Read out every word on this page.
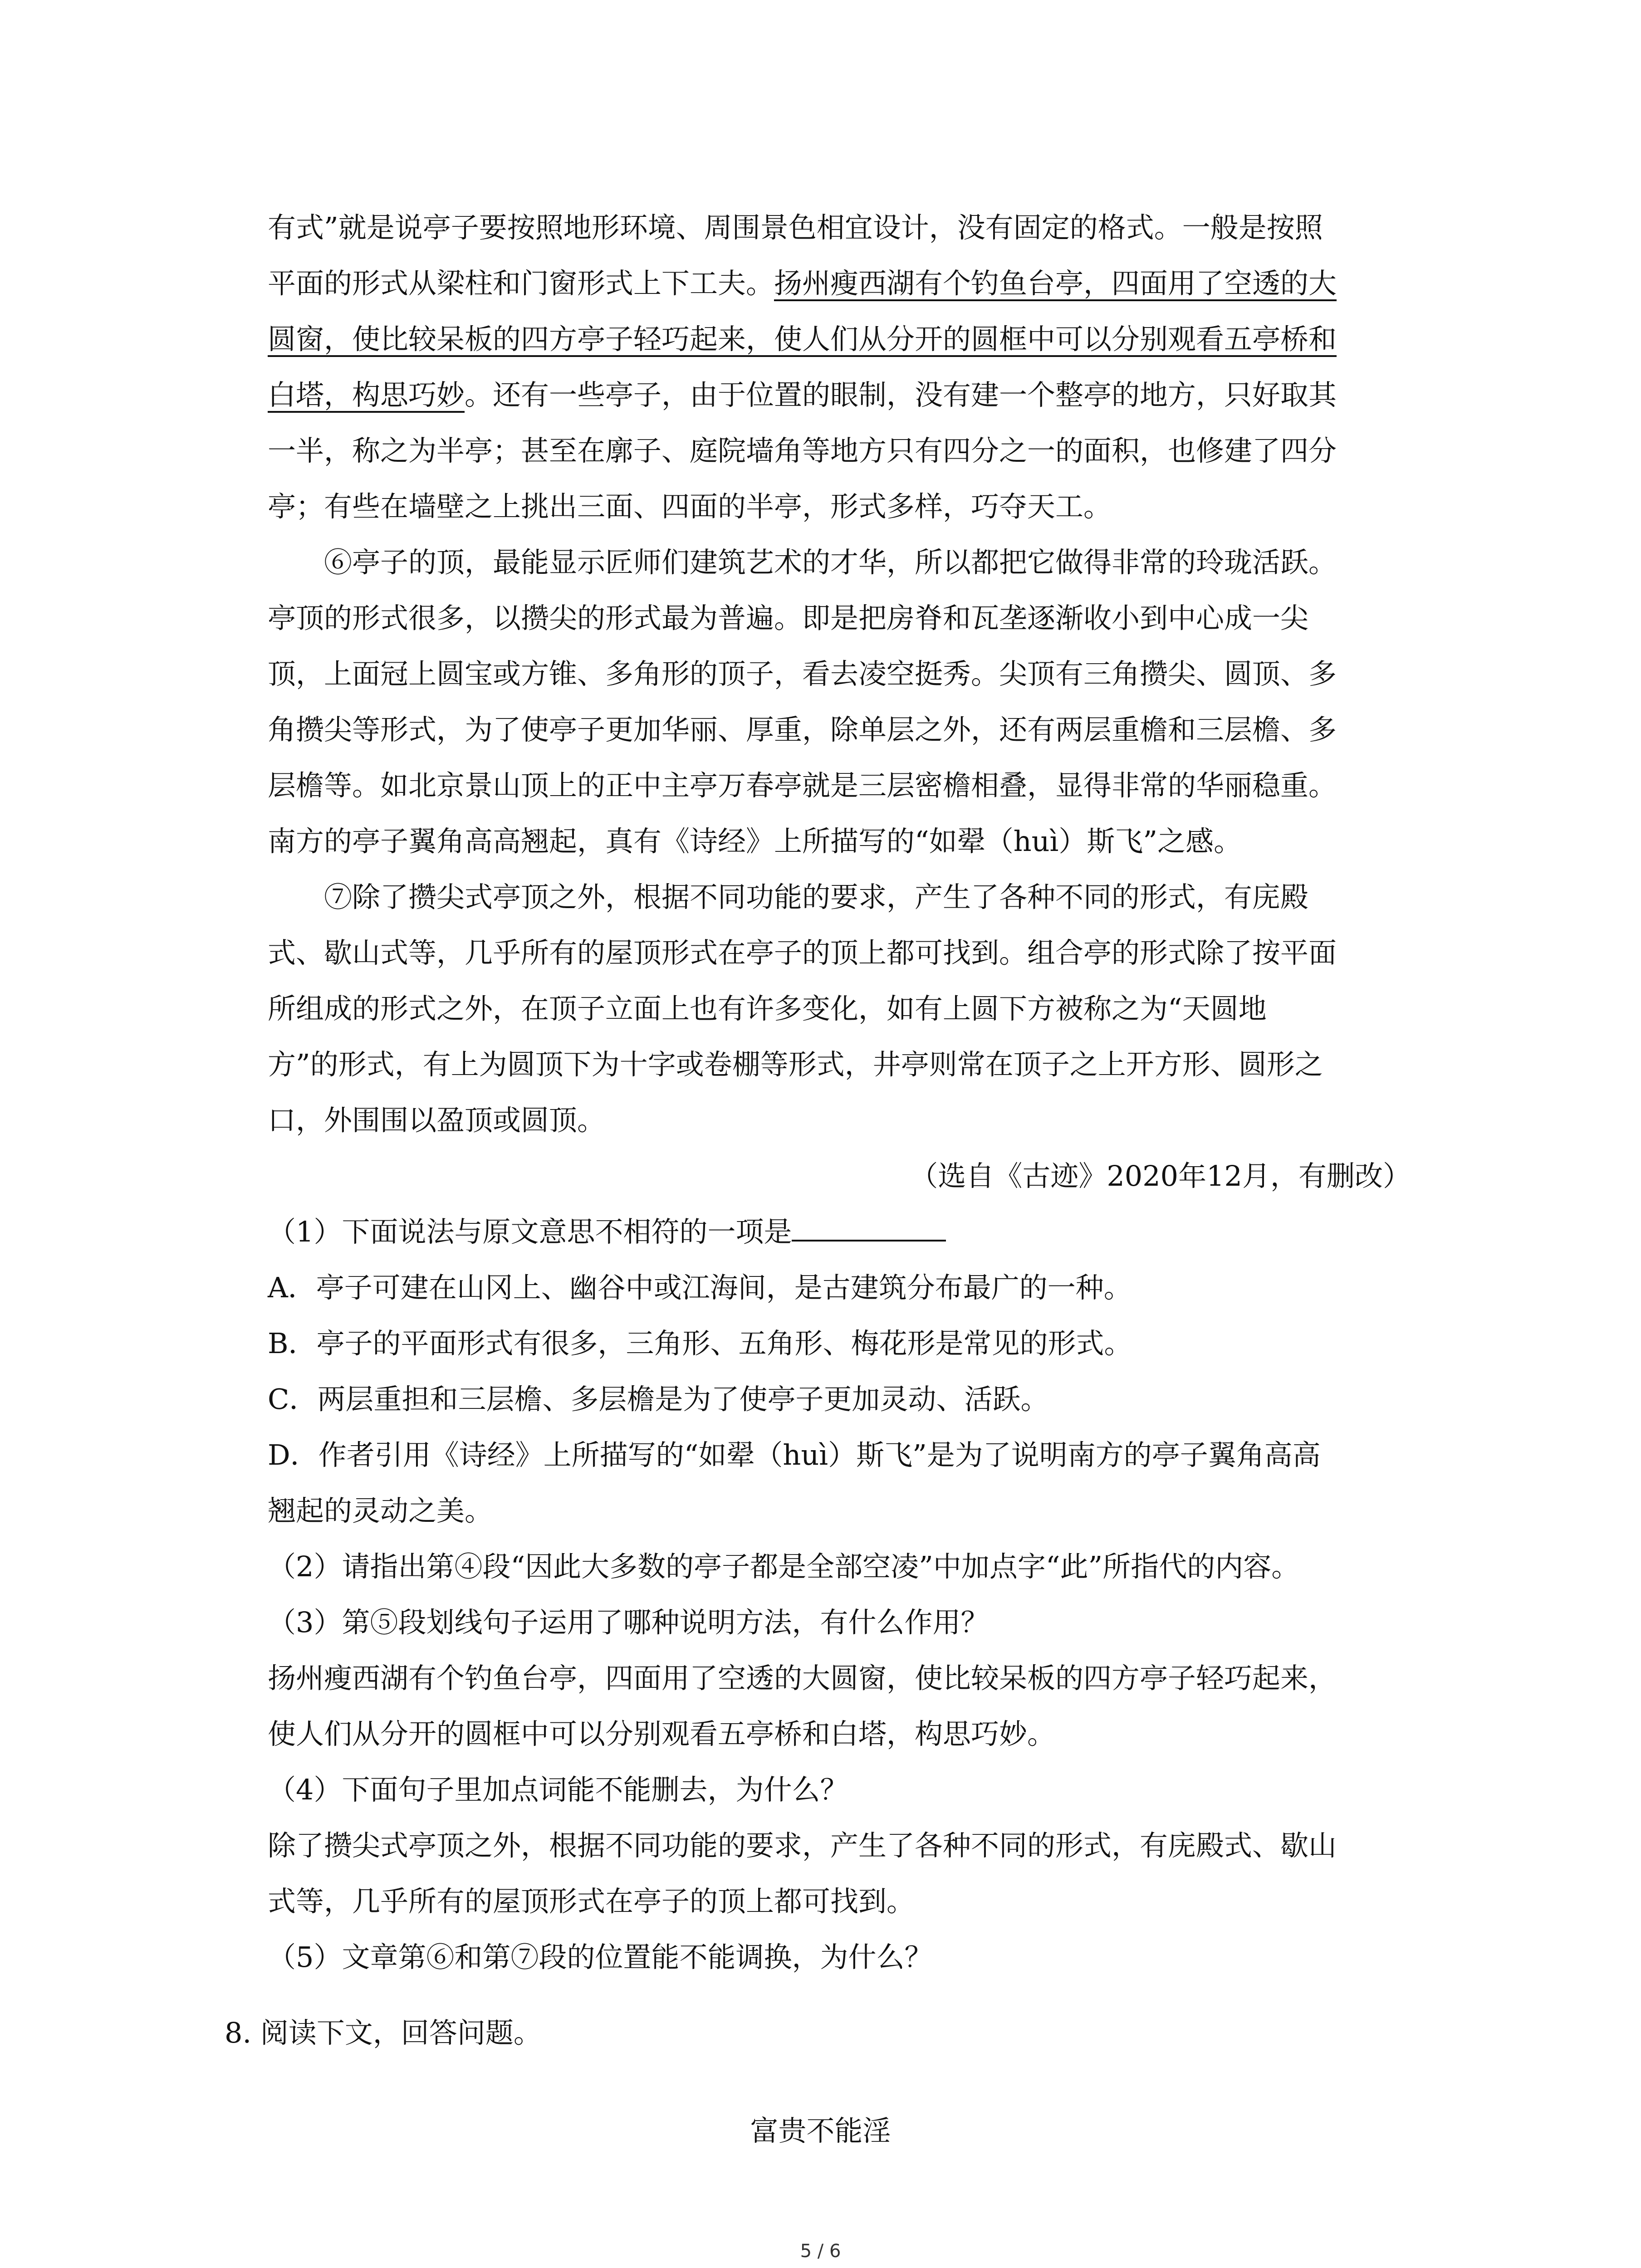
有式”就是说亭子要按照地形环境、周围景色相宜设计，没有固定的格式。一般是按照
平面的形式从梁柱和门窗形式上下工夫。扬州瘦西湖有个钓鱼台亭，四面用了空透的大
圆窗，使比较呆板的四方亭子轻巧起来，使人们从分开的圆框中可以分别观看五亭桥和
白塔，构思巧妙。还有一些亭子，由于位置的眼制，没有建一个整亭的地方，只好取其
一半，称之为半亭；甚至在廓子、庭院墙角等地方只有四分之一的面积，也修建了四分
亭；有些在墙壁之上挑出三面、四面的半亭，形式多样，巧夺天工。
⑥亭子的顶，最能显示匠师们建筑艺术的才华，所以都把它做得非常的玲珑活跃。
亭顶的形式很多，以攒尖的形式最为普遍。即是把房脊和瓦垄逐渐收小到中心成一尖
顶，上面冠上圆宝或方锥、多角形的顶子，看去凌空挺秀。尖顶有三角攒尖、圆顶、多
角攒尖等形式，为了使亭子更加华丽、厚重，除单层之外，还有两层重檐和三层檐、多
层檐等。如北京景山顶上的正中主亭万春亭就是三层密檐相叠，显得非常的华丽稳重。
南方的亭子翼角高高翘起，真有《诗经》上所描写的“如翚（huì）斯飞”之感。
⑦除了攒尖式亭顶之外，根据不同功能的要求，产生了各种不同的形式，有庑殿
式、歇山式等，几乎所有的屋顶形式在亭子的顶上都可找到。组合亭的形式除了按平面
所组成的形式之外，在顶子立面上也有许多变化，如有上圆下方被称之为“天圆地
方”的形式，有上为圆顶下为十字或卷棚等形式，井亭则常在顶子之上开方形、圆形之
口，外围围以盈顶或圆顶。
（选自《古迹》2020年12月，有删改）
（1）下面说法与原文意思不相符的一项是
A．亭子可建在山冈上、幽谷中或江海间，是古建筑分布最广的一种。
B．亭子的平面形式有很多，三角形、五角形、梅花形是常见的形式。
C．两层重担和三层檐、多层檐是为了使亭子更加灵动、活跃。
D．作者引用《诗经》上所描写的“如翚（huì）斯飞”是为了说明南方的亭子翼角高高
翘起的灵动之美。
（2）请指出第④段“因此大多数的亭子都是全部空凌”中加点字“此”所指代的内容。
（3）第⑤段划线句子运用了哪种说明方法，有什么作用？
扬州瘦西湖有个钓鱼台亭，四面用了空透的大圆窗，使比较呆板的四方亭子轻巧起来，
使人们从分开的圆框中可以分别观看五亭桥和白塔，构思巧妙。
（4）下面句子里加点词能不能删去，为什么？
除了攒尖式亭顶之外，根据不同功能的要求，产生了各种不同的形式，有庑殿式、歇山
式等，几乎所有的屋顶形式在亭子的顶上都可找到。
（5）文章第⑥和第⑦段的位置能不能调换，为什么？
8. 阅读下文，回答问题。
富贵不能淫
5 / 6
